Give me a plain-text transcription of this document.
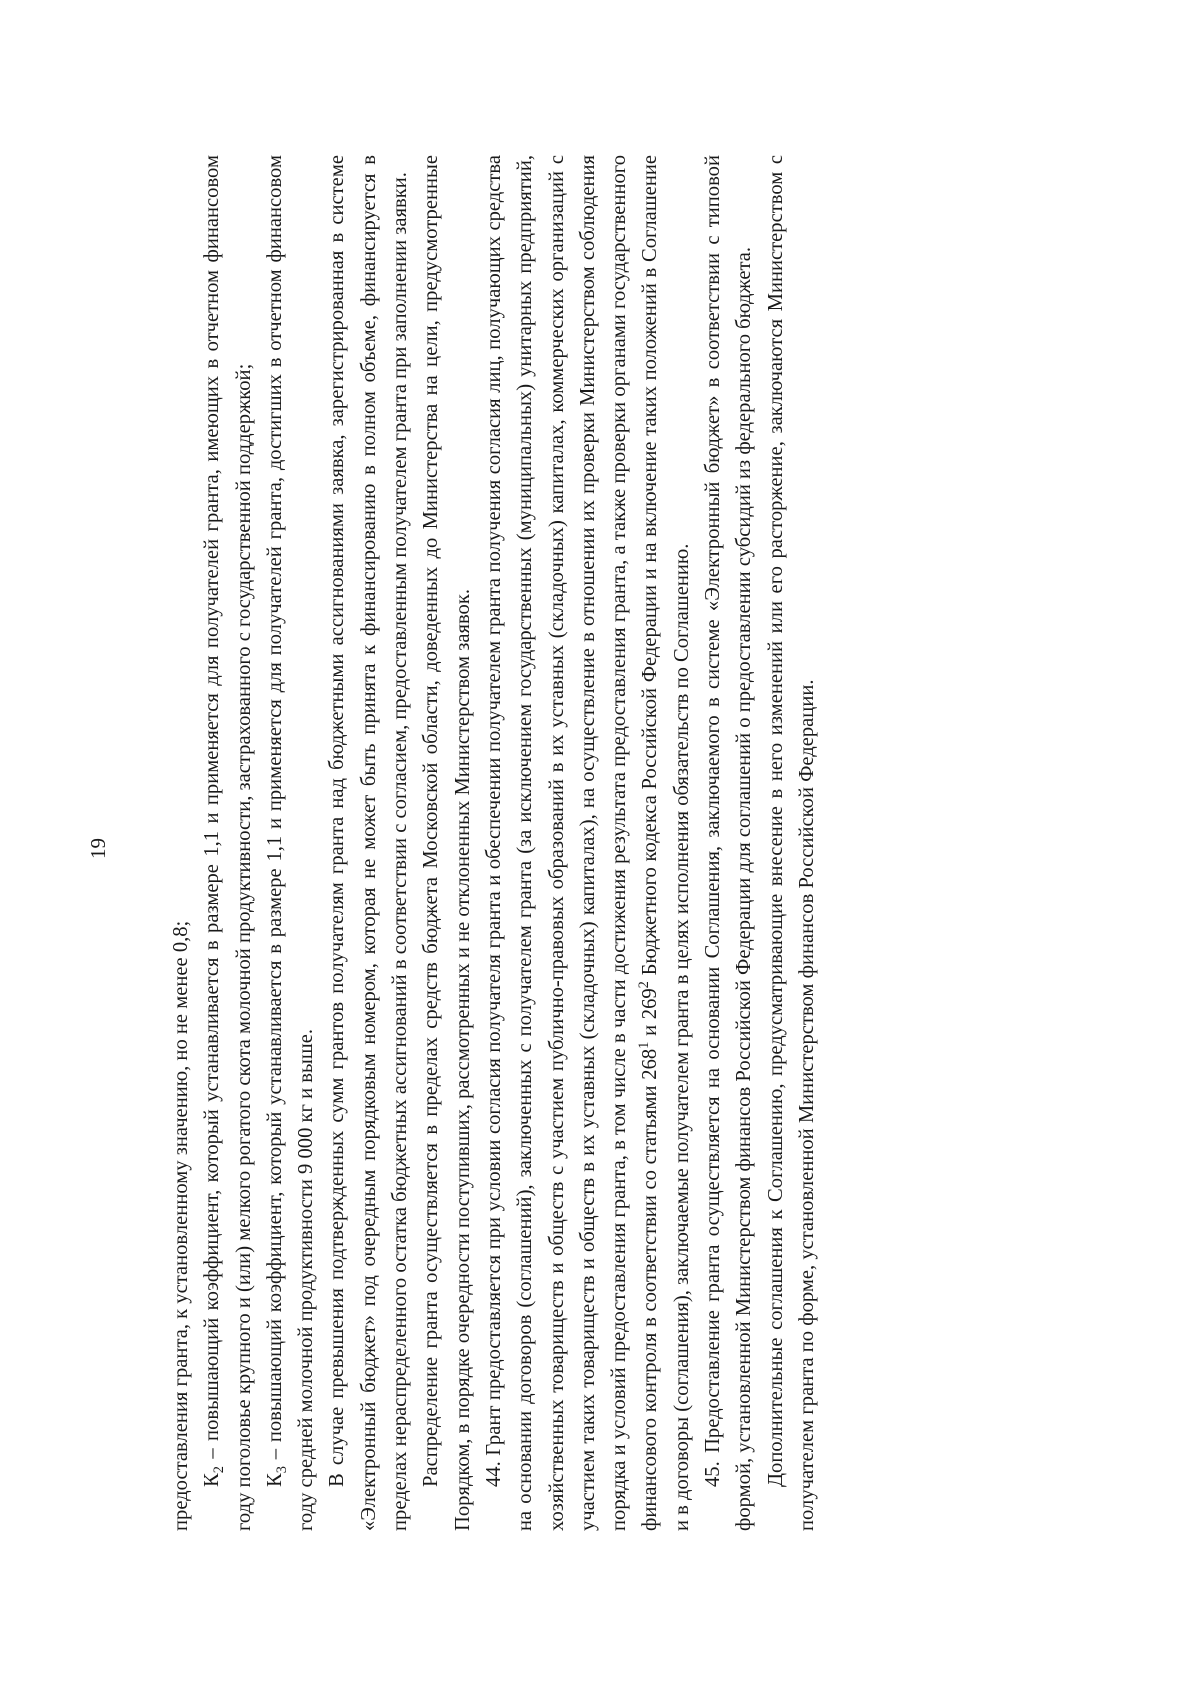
19

предоставления гранта, к установленному значению, но не менее 0,8; $К_2$ – повышающий коэффициент, который устанавливается в размере 1,1 и применяется для получателей гранта, имеющих в отчетном финансовом году поголовье крупного и (или) мелкого рогатого скота молочной продуктивности, застрахованного с государственной поддержкой; $К_3$ – повышающий коэффициент, который устанавливается в размере 1,1 и применяется для получателей гранта, достигших в отчетном финансовом году средней молочной продуктивности 9 000 кг и выше. В случае превышения подтвержденных сумм грантов получателям гранта над бюджетными ассигнованиями заявка, зарегистрированная в системе «Электронный бюджет» под очередным порядковым номером, которая не может быть принята к финансированию в полном объеме, финансируется в пределах нераспределенного остатка бюджетных ассигнований в соответствии с согласием, предоставленным получателем гранта при заполнении заявки. Распределение гранта осуществляется в пределах средств бюджета Московской области, доведенных до Министерства на цели, предусмотренные Порядком, в порядке очередности поступивших, рассмотренных и не отклоненных Министерством заявок. 44. Грант предоставляется при условии согласия получателя гранта и обеспечении получателем гранта получения согласия лиц, получающих средства на основании договоров (соглашений), заключенных с получателем гранта (за исключением государственных (муниципальных) унитарных предприятий, хозяйственных товариществ и обществ с участием публично-правовых образований в их уставных (складочных) капиталах, коммерческих организаций с участием таких товариществ и обществ в их уставных (складочных) капиталах), на осуществление в отношении их проверки Министерством соблюдения порядка и условий предоставления гранта, в том числе в части достижения результата предоставления гранта, а также проверки органами государственного финансового контроля в соответствии со статьями $268^1$ и $269^2$ Бюджетного кодекса Российской Федерации и на включение таких положений в Соглашение и в договоры (соглашения), заключаемые получателем гранта в целях исполнения обязательств по Соглашению. 45. Предоставление гранта осуществляется на основании Соглашения, заключаемого в системе «Электронный бюджет» в соответствии с типовой формой, установленной Министерством финансов Российской Федерации для соглашений о предоставлении субсидий из федерального бюджета. Дополнительные соглашения к Соглашению, предусматривающие внесение в него изменений или его расторжение, заключаются Министерством с получателем гранта по форме, установленной Министерством финансов Российской Федерации.
